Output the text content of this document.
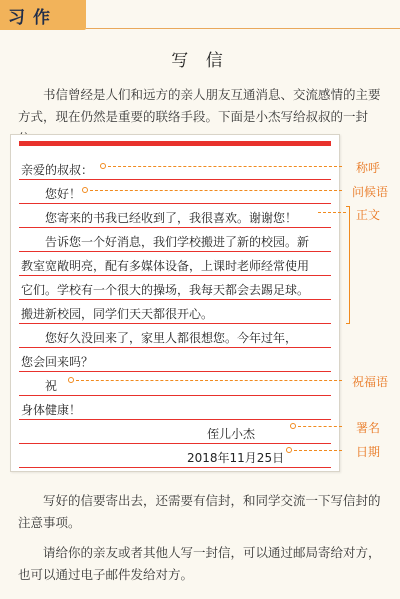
习作
写 信

书信曾经是人们和远方的亲人朋友互通消息、交流感情的主要方式，现在仍然是重要的联络手段。下面是小杰写给叔叔的一封

亲爱的叔叔：
您好！
您寄来的书我已经收到了，我很喜欢。谢谢您！
告诉您一个好消息，我们学校搬进了新的校园。新
教室宽敞明亮，配有多媒体设备，上课时老师经常使用
它们。学校有一个很大的操场，我每天都会去踢足球。
搬进新校园，同学们天天都很开心。
您好久没回来了，家里人都很想您。今年过年，
您会回来吗？
祝
身体健康！
侄儿小杰
2018年11月25日
称呼
问候语
正文
祝福语
署名
日期

写好的信要寄出去，还需要有信封，和同学交流一下写信封的注意事项。

请给你的亲友或者其他人写一封信，可以通过邮局寄给对方，也可以通过电子邮件发给对方。
